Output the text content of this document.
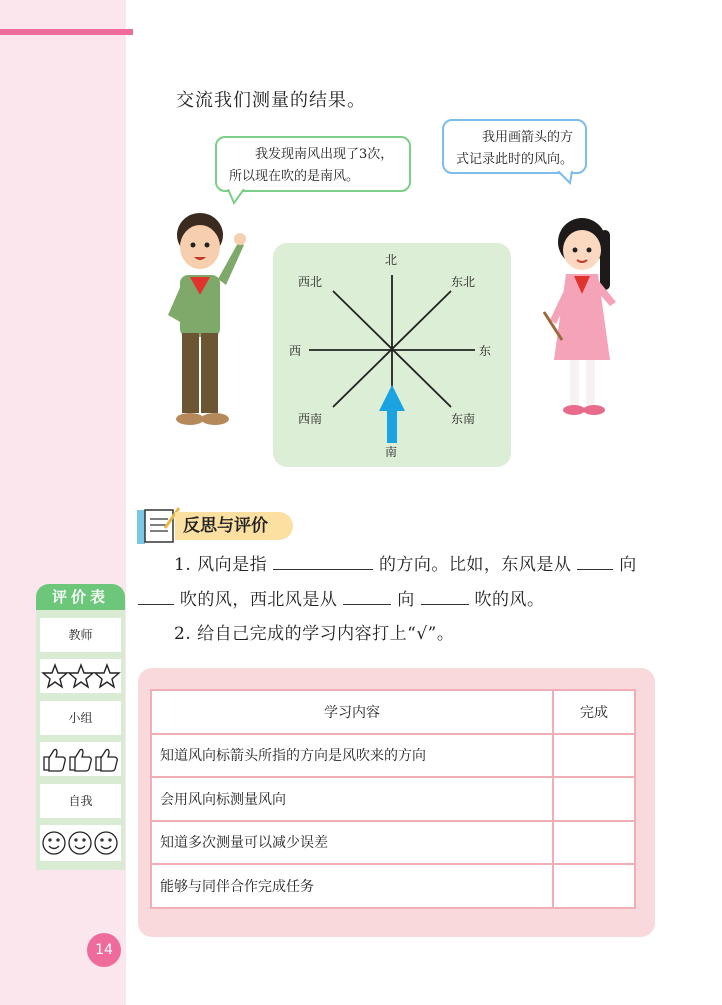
交流我们测量的结果。
我发现南风出现了3次，所以现在吹的是南风。
我用画箭头的方式记录此时的风向。
北
东北
东
东南
南
西南
西
西北
反思与评价
1. 风向是指	的方向。比如，东风是从	向
吹的风，西北风是从	向	吹的风。
2. 给自己完成的学习内容打上“√”。
评价表
教师
小组
自我
学习内容	完成
知道风向标箭头所指的方向是风吹来的方向	
会用风向标测量风向	
知道多次测量可以减少误差	
能够与同伴合作完成任务	
14
